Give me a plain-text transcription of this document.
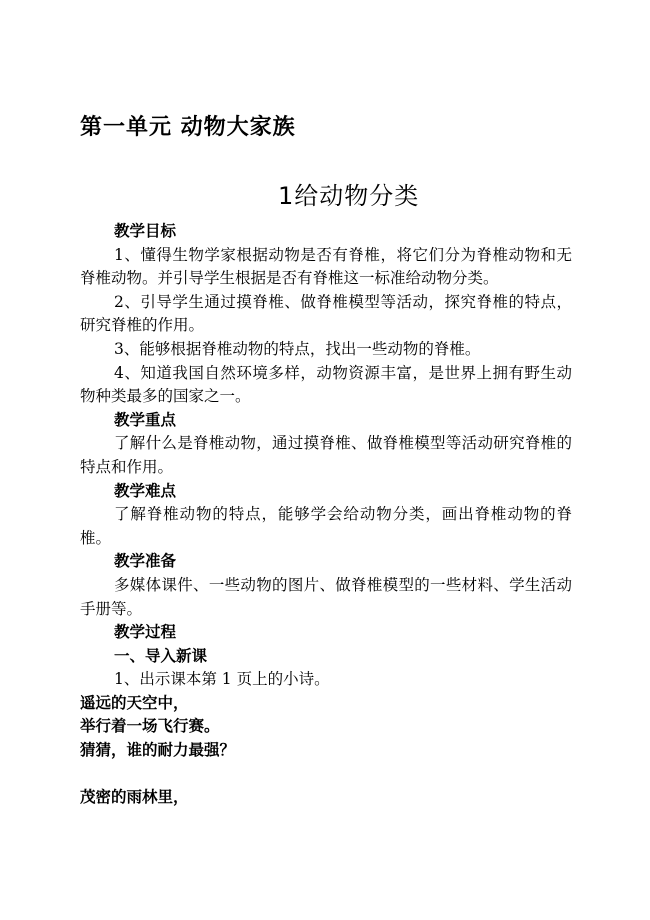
第一单元 动物大家族
1给动物分类

教学目标

1、懂得生物学家根据动物是否有脊椎，将它们分为脊椎动物和无脊椎动物。并引导学生根据是否有脊椎这一标准给动物分类。

2、引导学生通过摸脊椎、做脊椎模型等活动，探究脊椎的特点，研究脊椎的作用。

3、能够根据脊椎动物的特点，找出一些动物的脊椎。

4、知道我国自然环境多样，动物资源丰富，是世界上拥有野生动物种类最多的国家之一。

教学重点

了解什么是脊椎动物，通过摸脊椎、做脊椎模型等活动研究脊椎的特点和作用。

教学难点

了解脊椎动物的特点，能够学会给动物分类，画出脊椎动物的脊椎。

教学准备

多媒体课件、一些动物的图片、做脊椎模型的一些材料、学生活动手册等。

教学过程

一、导入新课

1、出示课本第 1 页上的小诗。

遥远的天空中，

举行着一场飞行赛。

猜猜，谁的耐力最强？

茂密的雨林里，
